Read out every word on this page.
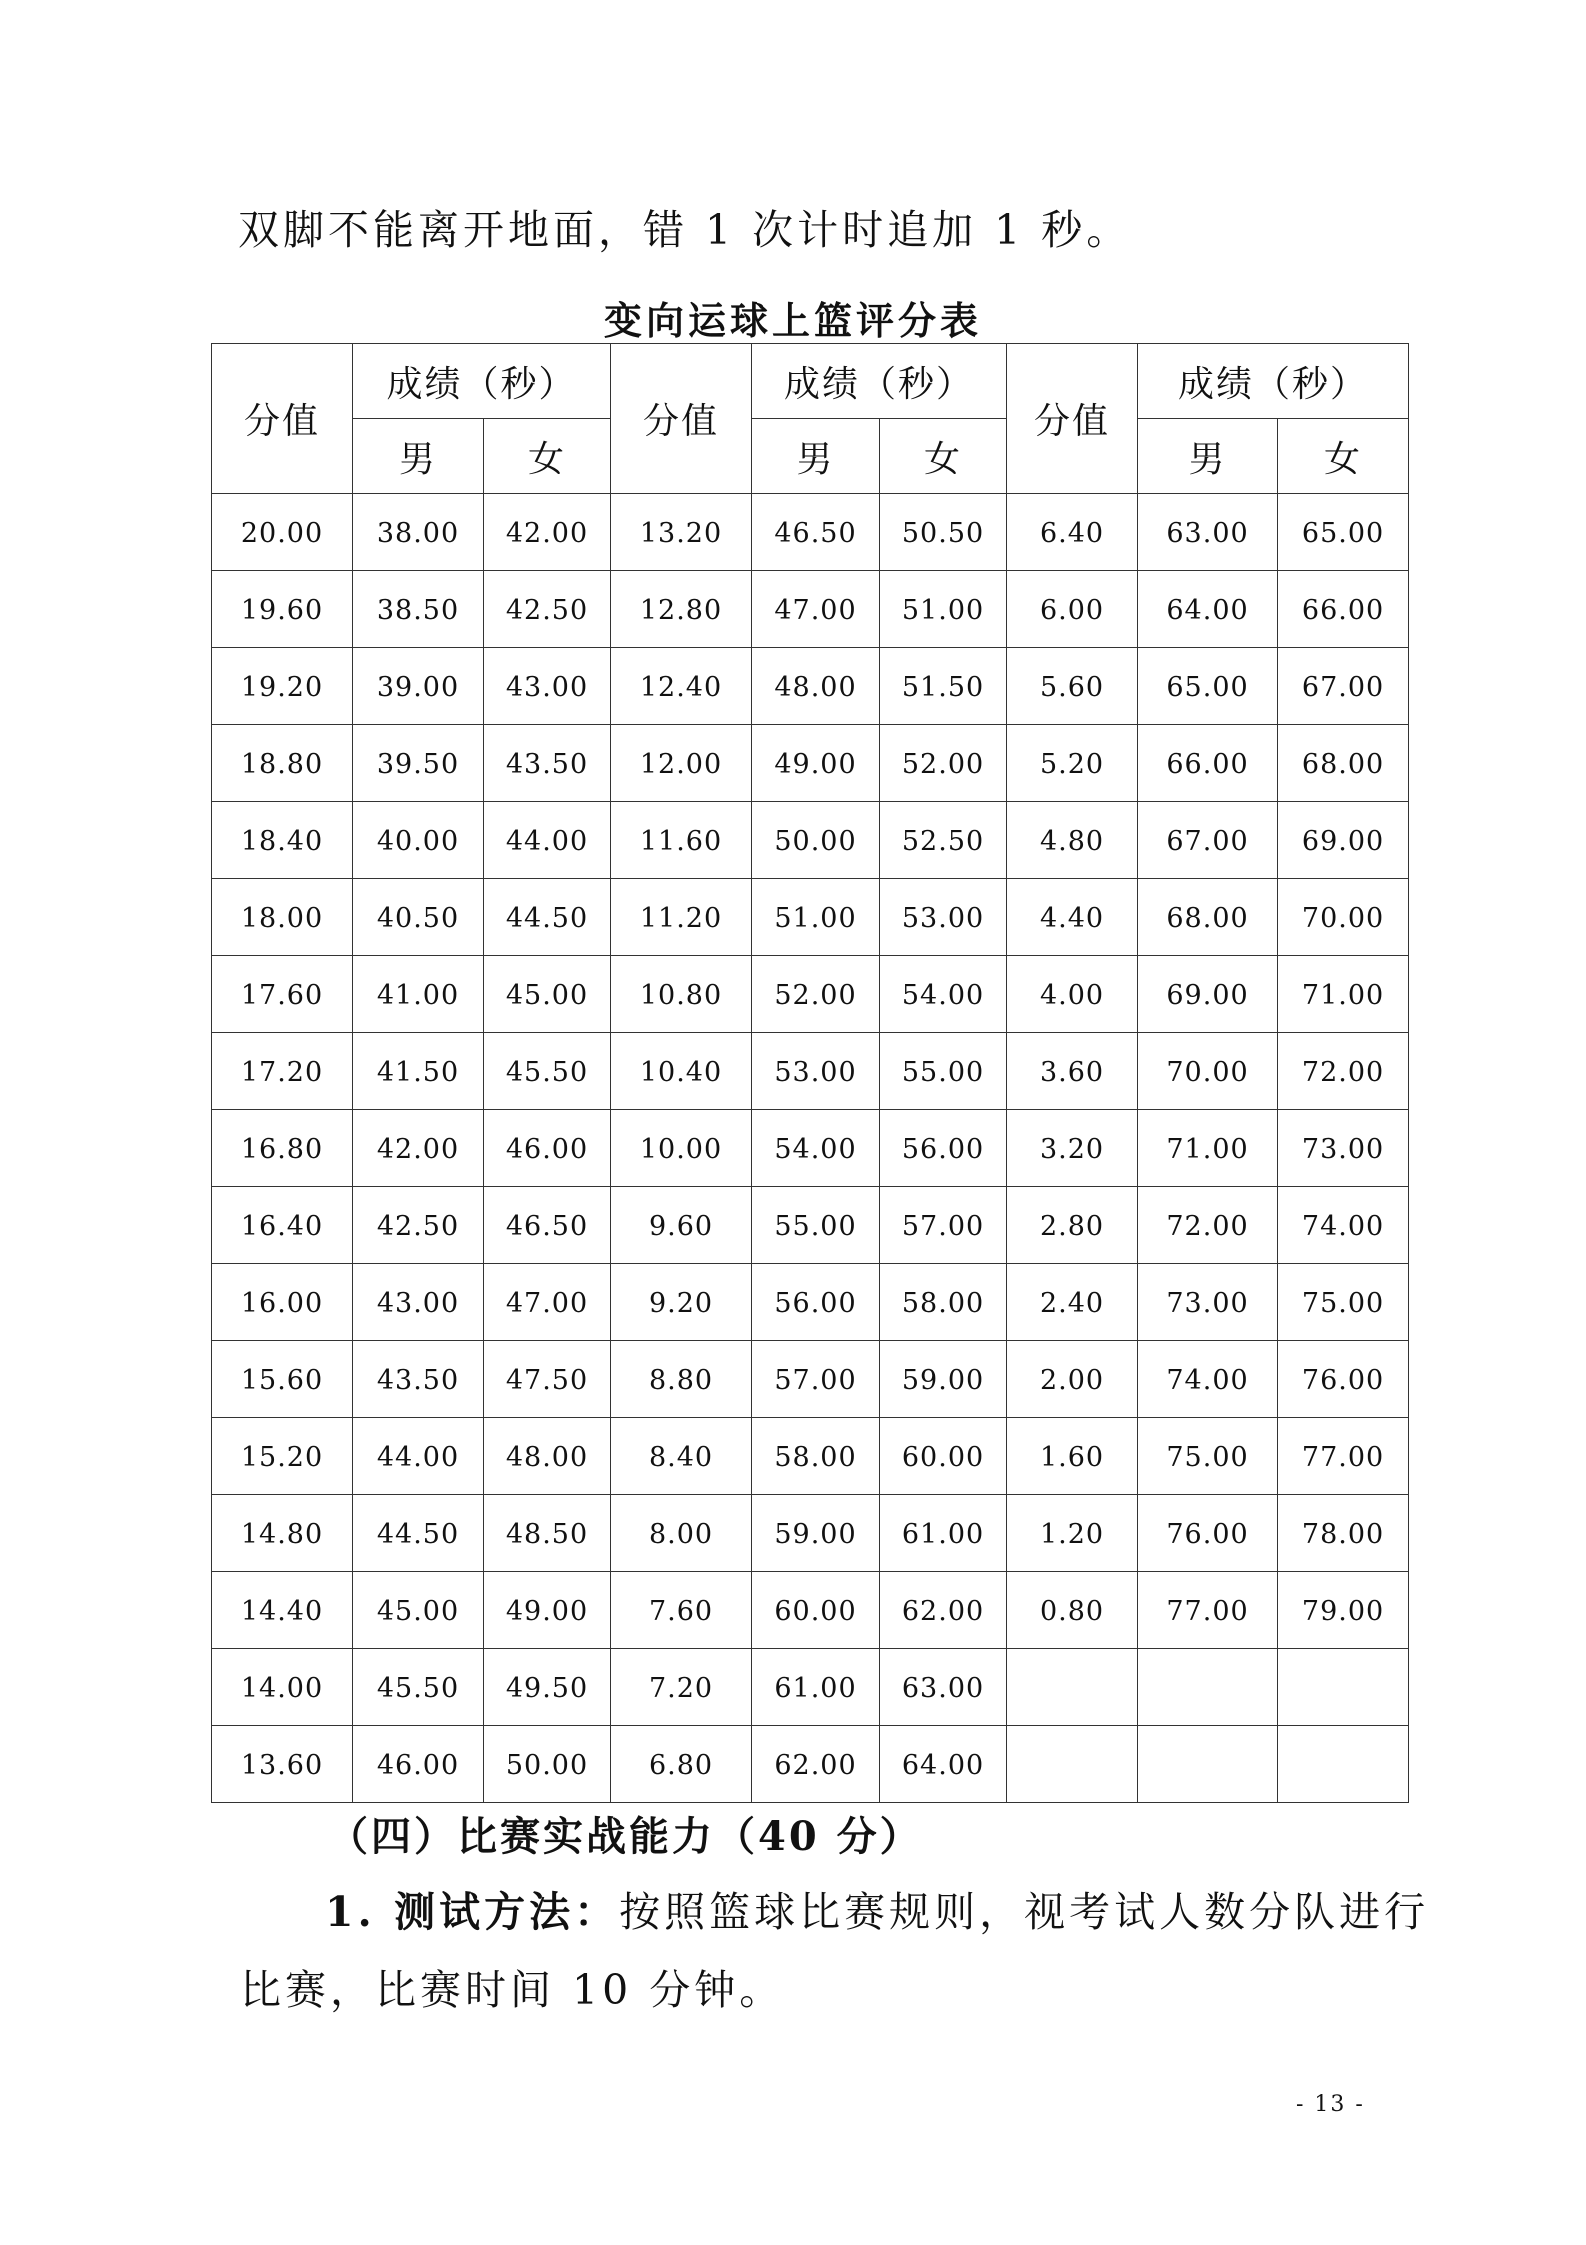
双脚不能离开地面，错 1 次计时追加 1 秒。

变向运球上篮评分表
分值	成绩（秒）		分值	成绩（秒）		分值	成绩（秒）	
	男	女		男	女		男	女
20.00	38.00	42.00	13.20	46.50	50.50	6.40	63.00	65.00
19.60	38.50	42.50	12.80	47.00	51.00	6.00	64.00	66.00
19.20	39.00	43.00	12.40	48.00	51.50	5.60	65.00	67.00
18.80	39.50	43.50	12.00	49.00	52.00	5.20	66.00	68.00
18.40	40.00	44.00	11.60	50.00	52.50	4.80	67.00	69.00
18.00	40.50	44.50	11.20	51.00	53.00	4.40	68.00	70.00
17.60	41.00	45.00	10.80	52.00	54.00	4.00	69.00	71.00
17.20	41.50	45.50	10.40	53.00	55.00	3.60	70.00	72.00
16.80	42.00	46.00	10.00	54.00	56.00	3.20	71.00	73.00
16.40	42.50	46.50	9.60	55.00	57.00	2.80	72.00	74.00
16.00	43.00	47.00	9.20	56.00	58.00	2.40	73.00	75.00
15.60	43.50	47.50	8.80	57.00	59.00	2.00	74.00	76.00
15.20	44.00	48.00	8.40	58.00	60.00	1.60	75.00	77.00
14.80	44.50	48.50	8.00	59.00	61.00	1.20	76.00	78.00
14.40	45.00	49.00	7.60	60.00	62.00	0.80	77.00	79.00
14.00	45.50	49.50	7.20	61.00	63.00			
13.60	46.00	50.00	6.80	62.00	64.00			

（四）比赛实战能力（40 分）

1. 测试方法：按照篮球比赛规则，视考试人数分队进行

比赛，比赛时间 10 分钟。

- 13 -
